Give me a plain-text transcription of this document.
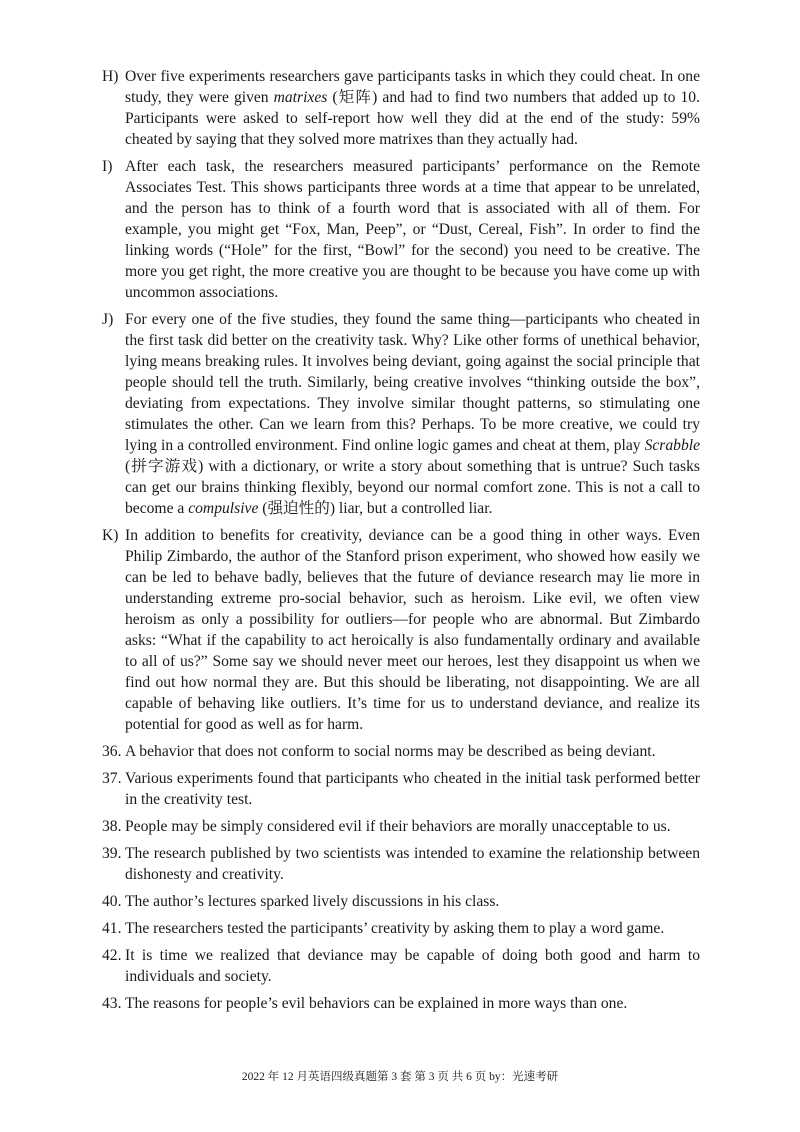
H) Over five experiments researchers gave participants tasks in which they could cheat. In one study, they were given matrixes (矩阵) and had to find two numbers that added up to 10. Participants were asked to self-report how well they did at the end of the study: 59% cheated by saying that they solved more matrixes than they actually had.
I) After each task, the researchers measured participants’ performance on the Remote Associates Test. This shows participants three words at a time that appear to be unrelated, and the person has to think of a fourth word that is associated with all of them. For example, you might get “Fox, Man, Peep”, or “Dust, Cereal, Fish”. In order to find the linking words (“Hole” for the first, “Bowl” for the second) you need to be creative. The more you get right, the more creative you are thought to be because you have come up with uncommon associations.
J) For every one of the five studies, they found the same thing—participants who cheated in the first task did better on the creativity task. Why? Like other forms of unethical behavior, lying means breaking rules. It involves being deviant, going against the social principle that people should tell the truth. Similarly, being creative involves “thinking outside the box”, deviating from expectations. They involve similar thought patterns, so stimulating one stimulates the other. Can we learn from this? Perhaps. To be more creative, we could try lying in a controlled environment. Find online logic games and cheat at them, play Scrabble (拼字游戏) with a dictionary, or write a story about something that is untrue? Such tasks can get our brains thinking flexibly, beyond our normal comfort zone. This is not a call to become a compulsive (强迫性的) liar, but a controlled liar.
K) In addition to benefits for creativity, deviance can be a good thing in other ways. Even Philip Zimbardo, the author of the Stanford prison experiment, who showed how easily we can be led to behave badly, believes that the future of deviance research may lie more in understanding extreme pro-social behavior, such as heroism. Like evil, we often view heroism as only a possibility for outliers—for people who are abnormal. But Zimbardo asks: “What if the capability to act heroically is also fundamentally ordinary and available to all of us?” Some say we should never meet our heroes, lest they disappoint us when we find out how normal they are. But this should be liberating, not disappointing. We are all capable of behaving like outliers. It’s time for us to understand deviance, and realize its potential for good as well as for harm.
36. A behavior that does not conform to social norms may be described as being deviant.
37. Various experiments found that participants who cheated in the initial task performed better in the creativity test.
38. People may be simply considered evil if their behaviors are morally unacceptable to us.
39. The research published by two scientists was intended to examine the relationship between dishonesty and creativity.
40. The author’s lectures sparked lively discussions in his class.
41. The researchers tested the participants’ creativity by asking them to play a word game.
42. It is time we realized that deviance may be capable of doing both good and harm to individuals and society.
43. The reasons for people’s evil behaviors can be explained in more ways than one.
2022 年 12 月英语四级真题第 3 套 第 3 页 共 6 页 by：光速考研
